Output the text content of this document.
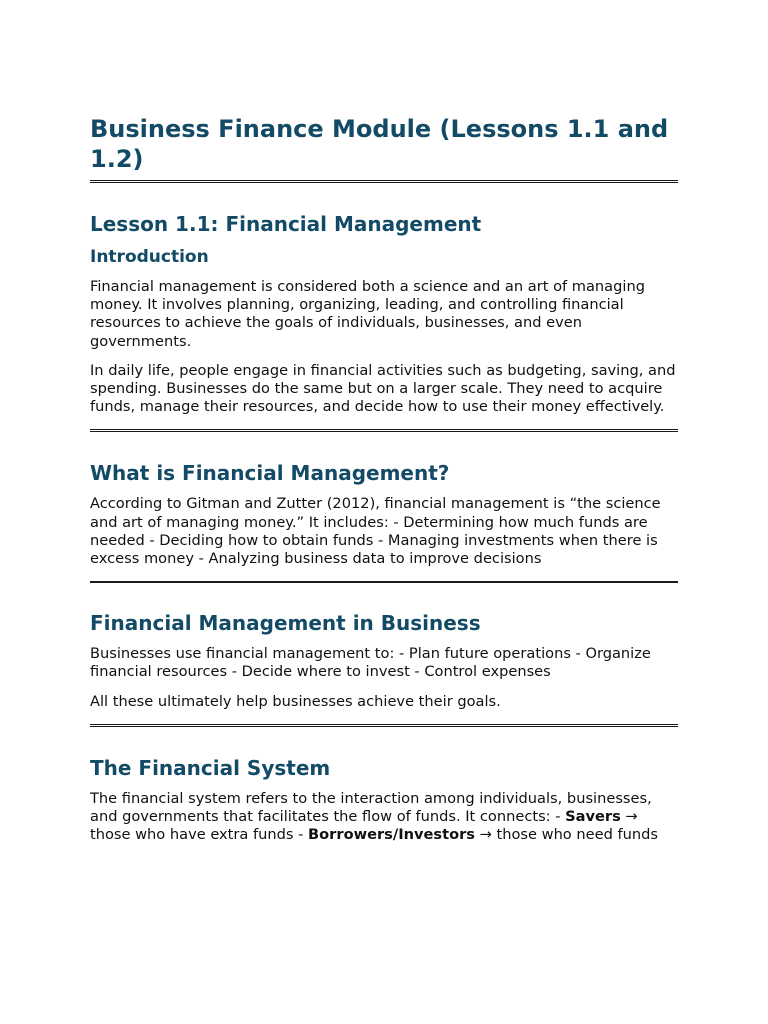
Business Finance Module (Lessons 1.1 and 1.2)
Lesson 1.1: Financial Management
Introduction

Financial management is considered both a science and an art of managing money. It involves planning, organizing, leading, and controlling financial resources to achieve the goals of individuals, businesses, and even governments.

In daily life, people engage in financial activities such as budgeting, saving, and spending. Businesses do the same but on a larger scale. They need to acquire funds, manage their resources, and decide how to use their money effectively.

What is Financial Management?

According to Gitman and Zutter (2012), financial management is “the science and art of managing money.” It includes: - Determining how much funds are needed - Deciding how to obtain funds - Managing investments when there is excess money - Analyzing business data to improve decisions

Financial Management in Business

Businesses use financial management to: - Plan future operations - Organize financial resources - Decide where to invest - Control expenses

All these ultimately help businesses achieve their goals.

The Financial System

The financial system refers to the interaction among individuals, businesses, and governments that facilitates the flow of funds. It connects: - Savers → those who have extra funds - Borrowers/Investors → those who need funds
